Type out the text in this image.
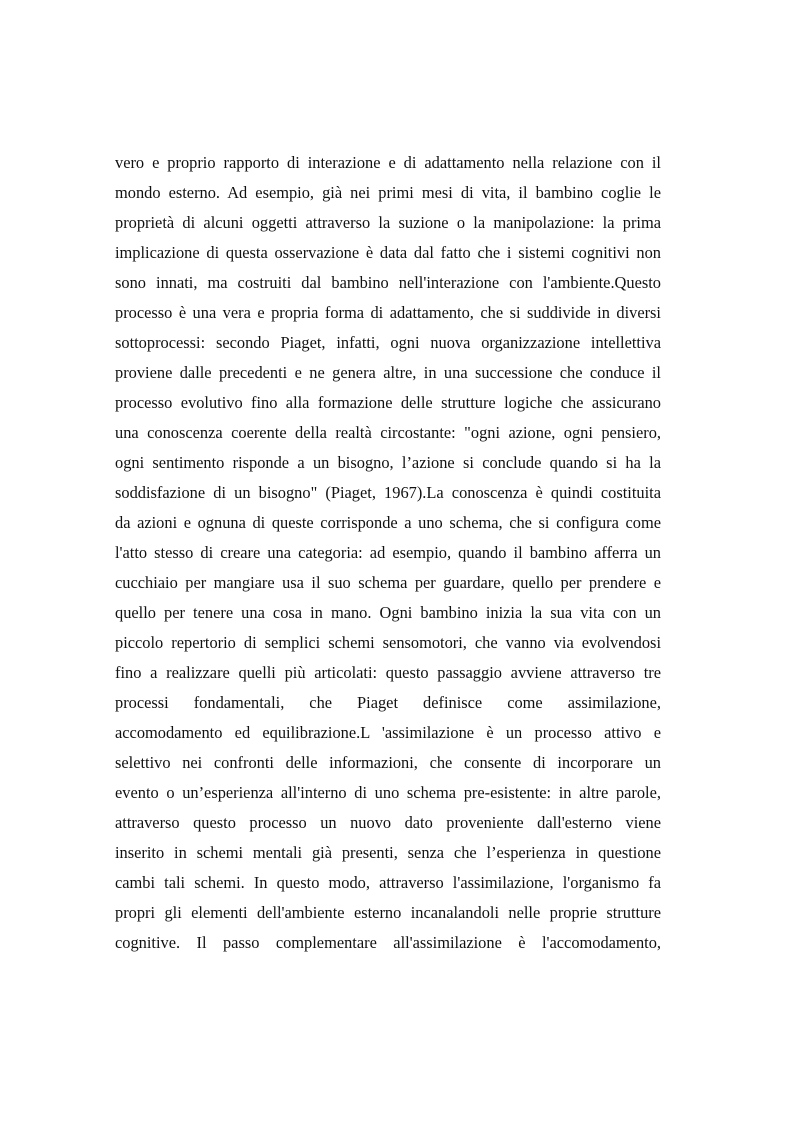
vero e proprio rapporto di interazione e di adattamento nella relazione con il
mondo esterno. Ad esempio, già nei primi mesi di vita, il bambino coglie le
proprietà di alcuni oggetti attraverso la suzione o la manipolazione: la prima
implicazione di questa osservazione è data dal fatto che i sistemi cognitivi non
sono innati, ma costruiti dal bambino nell'interazione con l'ambiente.Questo
processo è una vera e propria forma di adattamento, che si suddivide in diversi
sottoprocessi: secondo Piaget, infatti, ogni nuova organizzazione intellettiva
proviene dalle precedenti e ne genera altre, in una successione che conduce il
processo evolutivo fino alla formazione delle strutture logiche che assicurano
una conoscenza coerente della realtà circostante: "ogni azione, ogni pensiero,
ogni sentimento risponde a un bisogno, l’azione si conclude quando si ha la
soddisfazione di un bisogno" (Piaget, 1967).La conoscenza è quindi costituita
da azioni e ognuna di queste corrisponde a uno schema, che si configura come
l'atto stesso di creare una categoria: ad esempio, quando il bambino afferra un
cucchiaio per mangiare usa il suo schema per guardare, quello per prendere e
quello per tenere una cosa in mano. Ogni bambino inizia la sua vita con un
piccolo repertorio di semplici schemi sensomotori, che vanno via evolvendosi
fino a realizzare quelli più articolati: questo passaggio avviene attraverso tre
processi fondamentali, che Piaget definisce come assimilazione,
accomodamento ed equilibrazione.L 'assimilazione è un processo attivo e
selettivo nei confronti delle informazioni, che consente di incorporare un
evento o un’esperienza all'interno di uno schema pre-esistente: in altre parole,
attraverso questo processo un nuovo dato proveniente dall'esterno viene
inserito in schemi mentali già presenti, senza che l’esperienza in questione
cambi tali schemi. In questo modo, attraverso l'assimilazione, l'organismo fa
propri gli elementi dell'ambiente esterno incanalandoli nelle proprie strutture
cognitive. Il passo complementare all'assimilazione è l'accomodamento,
